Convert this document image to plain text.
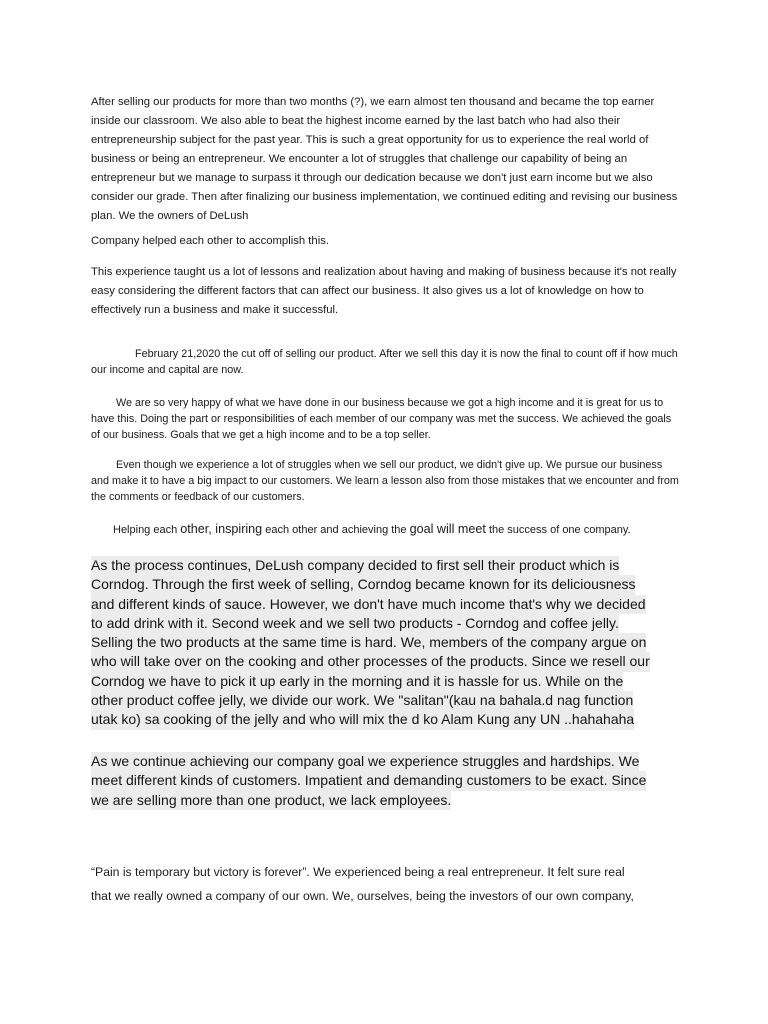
After selling our products for more than two months (?), we earn almost ten thousand and became the top earner inside our classroom. We also able to beat the highest income earned by the last batch who had also their entrepreneurship subject for the past year. This is such a great opportunity for us to experience the real world of business or being an entrepreneur. We encounter a lot of struggles that challenge our capability of being an entrepreneur but we manage to surpass it through our dedication because we don't just earn income but we also consider our grade. Then after finalizing our business implementation, we continued editing and revising our business plan. We the owners of DeLush

Company helped each other to accomplish this.

This experience taught us a lot of lessons and realization about having and making of business because it's not really easy considering the different factors that can affect our business. It also gives us a lot of knowledge on how to effectively run a business and make it successful.

February 21,2020 the cut off of selling our product. After we sell this day it is now the final to count off if how much our income and capital are now.

We are so very happy of what we have done in our business because we got a high income and it is great for us to have this. Doing the part or responsibilities of each member of our company was met the success. We achieved the goals of our business. Goals that we get a high income and to be a top seller.

Even though we experience a lot of struggles when we sell our product, we didn't give up. We pursue our business and make it to have a big impact to our customers. We learn a lesson also from those mistakes that we encounter and from the comments or feedback of our customers.

Helping each other, inspiring each other and achieving the goal will meet the success of one company.

As the process continues, DeLush company decided to first sell their product which is
Corndog. Through the first week of selling, Corndog became known for its deliciousness
and different kinds of sauce. However, we don't have much income that's why we decided
to add drink with it. Second week and we sell two products - Corndog and coffee jelly.
Selling the two products at the same time is hard. We, members of the company argue on
who will take over on the cooking and other processes of the products. Since we resell our
Corndog we have to pick it up early in the morning and it is hassle for us. While on the
other product coffee jelly, we divide our work. We "salitan"(kau na bahala.d nag function
utak ko) sa cooking of the jelly and who will mix the d ko Alam Kung any UN ..hahahaha
As we continue achieving our company goal we experience struggles and hardships. We
meet different kinds of customers. Impatient and demanding customers to be exact. Since
we are selling more than one product, we lack employees.
“Pain is temporary but victory is forever”. We experienced being a real entrepreneur. It felt sure real
that we really owned a company of our own. We, ourselves, being the investors of our own company,
